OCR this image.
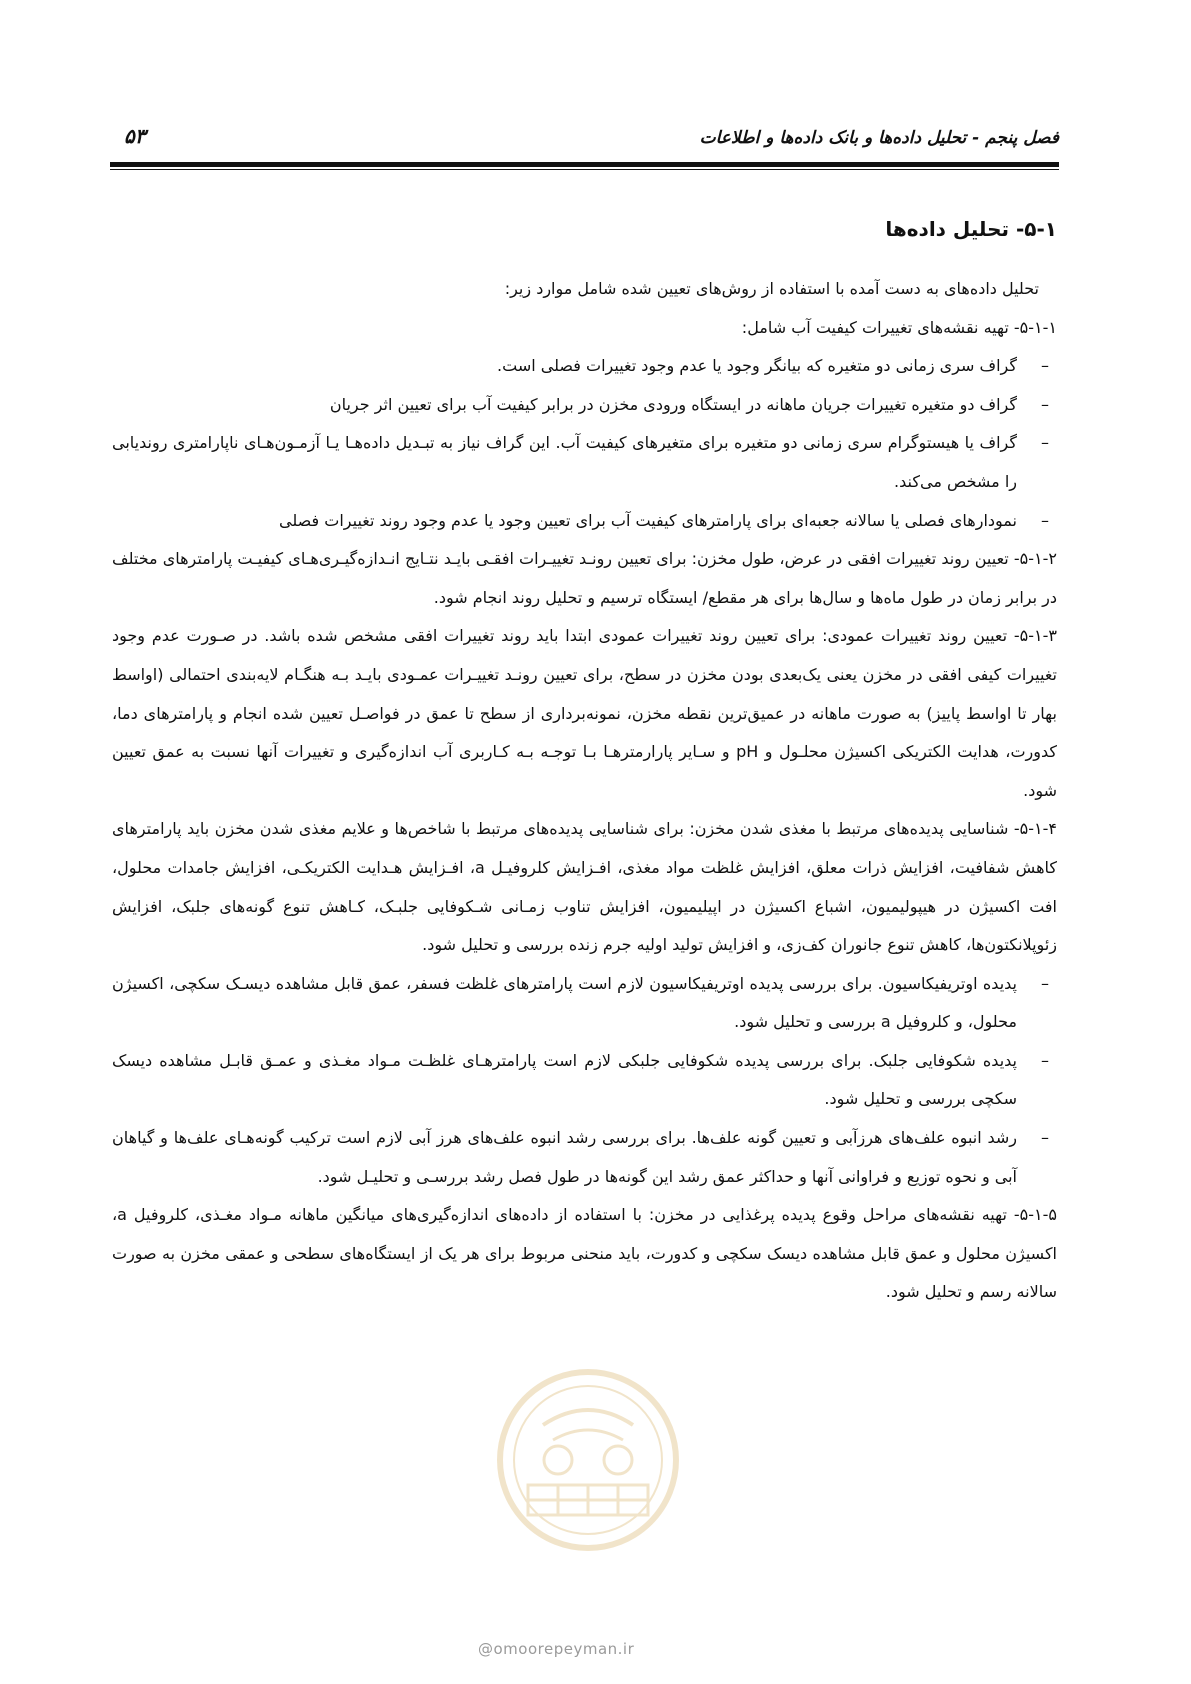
فصل پنجم - تحلیل داده‌ها و بانک داده‌ها و اطلاعات
۵۳
۵-۱- تحلیل داده‌ها

تحلیل داده‌های به دست آمده با استفاده از روش‌های تعیین شده شامل موارد زیر:

۵-۱-۱- تهیه نقشه‌های تغییرات کیفیت آب شامل:

– گراف سری زمانی دو متغیره که بیانگر وجود یا عدم وجود تغییرات فصلی است.
– گراف دو متغیره تغییرات جریان ماهانه در ایستگاه ورودی مخزن در برابر کیفیت آب برای تعیین اثر جریان
– گراف یا هیستوگرام سری زمانی دو متغیره برای متغیرهای کیفیت آب. این گراف نیاز به تبـدیل داده‌هـا یـا آزمـون‌هـای ناپارامتری روندیابی را مشخص می‌کند.
– نمودارهای فصلی یا سالانه جعبه‌ای برای پارامترهای کیفیت آب برای تعیین وجود یا عدم وجود روند تغییرات فصلی

۵-۱-۲- تعیین روند تغییرات افقی در عرض، طول مخزن: برای تعیین رونـد تغییـرات افقـی بایـد نتـایج انـدازه‌گیـری‌هـای کیفیـت پارامترهای مختلف در برابر زمان در طول ماه‌ها و سال‌ها برای هر مقطع/ ایستگاه ترسیم و تحلیل روند انجام شود.

۵-۱-۳- تعیین روند تغییرات عمودی: برای تعیین روند تغییرات عمودی ابتدا باید روند تغییرات افقی مشخص شده باشد. در صـورت عدم وجود تغییرات کیفی افقی در مخزن یعنی یک‌بعدی بودن مخزن در سطح، برای تعیین رونـد تغییـرات عمـودی بایـد بـه هنگـام لایه‌بندی احتمالی (اواسط بهار تا اواسط پاییز) به صورت ماهانه در عمیق‌ترین نقطه مخزن، نمونه‌برداری از سطح تا عمق در فواصـل تعیین شده انجام و پارامترهای دما، کدورت، هدایت الکتریکی اکسیژن محلـول و pH و سـایر پارارمترهـا بـا توجـه بـه کـاربری آب اندازه‌گیری و تغییرات آنها نسبت به عمق تعیین شود.

۵-۱-۴- شناسایی پدیده‌های مرتبط با مغذی شدن مخزن: برای شناسایی پدیده‌های مرتبط با شاخص‌ها و علایم مغذی شدن مخزن باید پارامترهای کاهش شفافیت، افزایش ذرات معلق، افزایش غلظت مواد مغذی، افـزایش کلروفیـل a، افـزایش هـدایت الکتریکـی، افزایش جامدات محلول، افت اکسیژن در هیپولیمیون، اشباع اکسیژن در اپیلیمیون، افزایش تناوب زمـانی شـکوفایی جلبـک، کـاهش تنوع گونه‌های جلبک، افزایش زئوپلانکتون‌ها، کاهش تنوع جانوران کف‌زی، و افزایش تولید اولیه جرم زنده بررسی و تحلیل شود.

– پدیده اوتریفیکاسیون. برای بررسی پدیده اوتریفیکاسیون لازم است پارامترهای غلظت فسفر، عمق قابل مشاهده دیسـک سکچی، اکسیژن محلول، و کلروفیل a بررسی و تحلیل شود.
– پدیده شکوفایی جلبک. برای بررسی پدیده شکوفایی جلبکی لازم است پارامترهـای غلظـت مـواد مغـذی و عمـق قابـل مشاهده دیسک سکچی بررسی و تحلیل شود.
– رشد انبوه علف‌های هرزآبی و تعیین گونه علف‌ها. برای بررسی رشد انبوه علف‌های هرز آبی لازم است ترکیب گونه‌هـای علف‌ها و گیاهان آبی و نحوه توزیع و فراوانی آنها و حداکثر عمق رشد این گونه‌ها در طول فصل رشد بررسـی و تحلیـل شود.

۵-۱-۵- تهیه نقشه‌های مراحل وقوع پدیده پرغذایی در مخزن: با استفاده از داده‌های اندازه‌گیری‌های میانگین ماهانه مـواد مغـذی، کلروفیل a، اکسیژن محلول و عمق قابل مشاهده دیسک سکچی و کدورت، باید منحنی مربوط برای هر یک از ایستگاه‌های سطحی و عمقی مخزن به صورت سالانه رسم و تحلیل شود.

@omoorepeyman.ir
